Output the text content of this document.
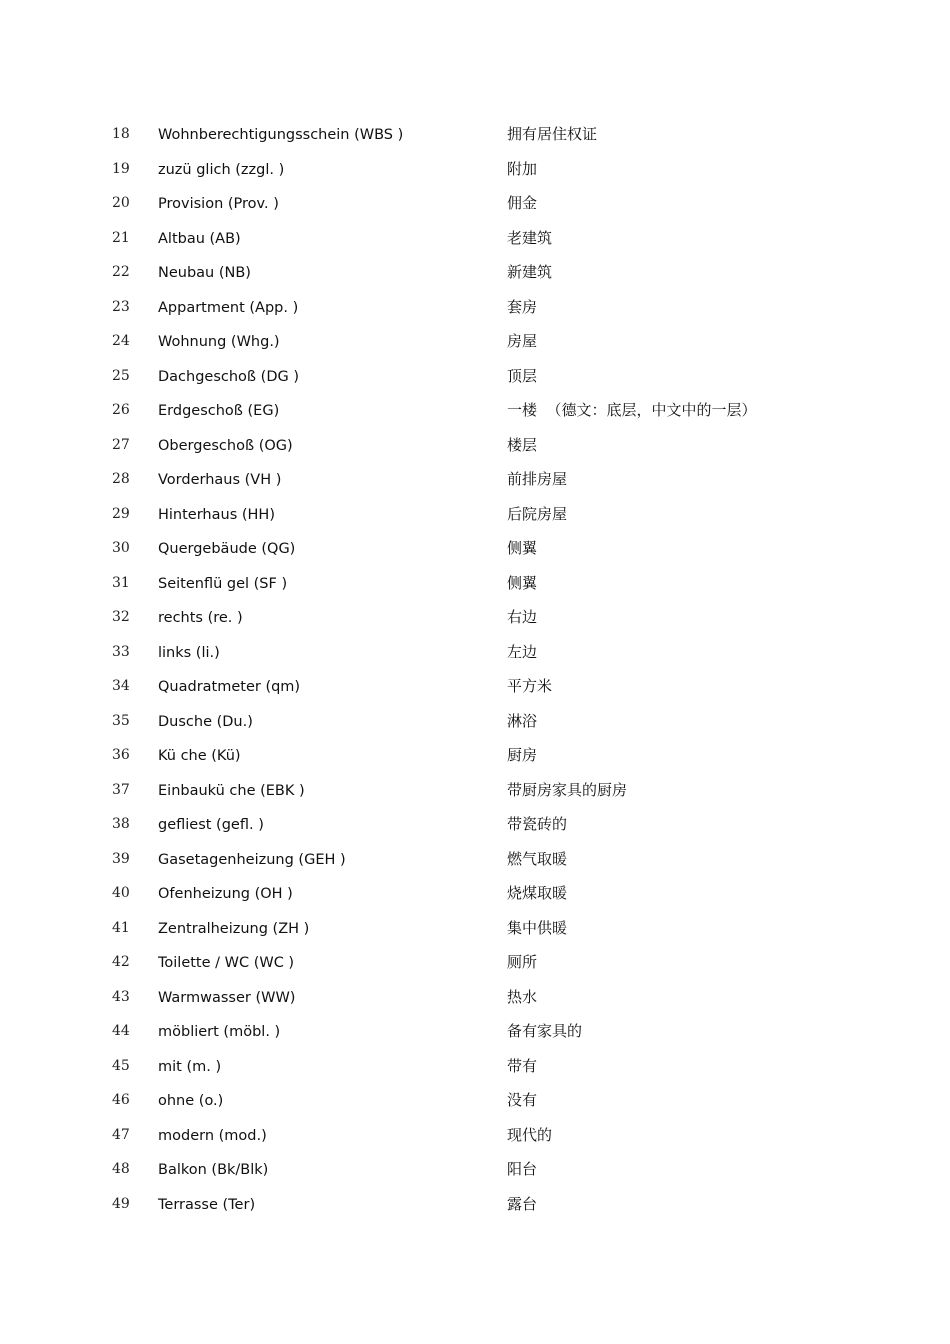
18 Wohnberechtigungsschein (WBS )	拥有居住权证
19 zuzü glich (zzgl. )	附加
20 Provision (Prov. )	佣金
21 Altbau (AB)	老建筑
22 Neubau (NB)	新建筑
23 Appartment (App. )	套房
24 Wohnung (Whg.)	房屋
25 Dachgeschoß (DG )	顶层
26 Erdgeschoß (EG)	一楼  （德文：底层，中文中的一层）
27 Obergeschoß (OG)	楼层
28 Vorderhaus (VH )	前排房屋
29 Hinterhaus (HH)	后院房屋
30 Quergebäude (QG)	侧翼
31 Seitenflü gel (SF )	侧翼
32 rechts (re. )	右边
33 links (li.)	左边
34 Quadratmeter (qm)	平方米
35 Dusche (Du.)	淋浴
36 Kü che (Kü)	厨房
37 Einbaukü che (EBK )	带厨房家具的厨房
38 gefliest (gefl. )	带瓷砖的
39 Gasetagenheizung (GEH )	燃气取暖
40 Ofenheizung (OH )	烧煤取暖
41 Zentralheizung (ZH )	集中供暖
42 Toilette / WC (WC )	厕所
43 Warmwasser (WW)	热水
44 möbliert (möbl. )	备有家具的
45 mit (m. )	带有
46 ohne (o.)	没有
47 modern (mod.)	现代的
48 Balkon (Bk/Blk)	阳台
49 Terrasse (Ter)	露台
